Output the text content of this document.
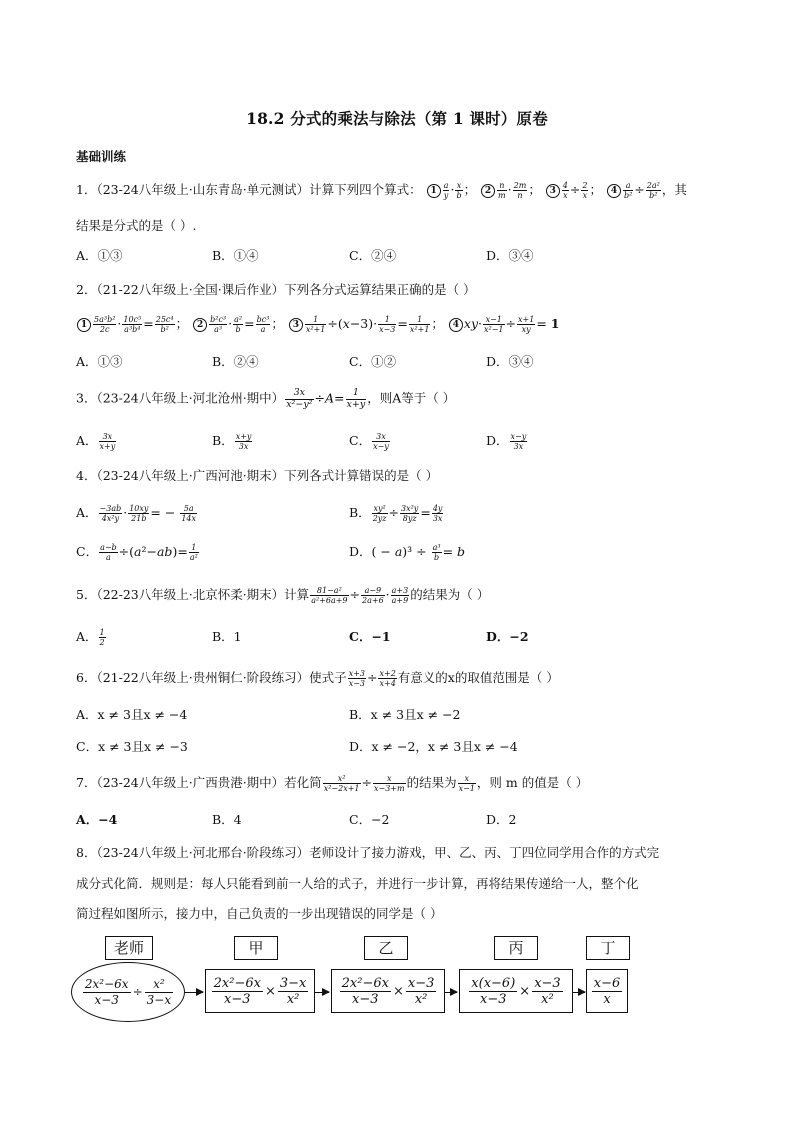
18.2 分式的乘法与除法（第 1 课时）原卷
基础训练
1．（23-24八年级上·山东青岛·单元测试）计算下列四个算式： $1 \frac{a}{y} \cdot \frac{x}{b}$ ； $2 \frac{n}{m} \cdot \frac{2m}{n}$ ； $3 \frac{4}{x} \div \frac{2}{x}$ ； $4 \frac{a}{\text{b²}} \div \frac{\text{2a²}}{\text{b²}}$ ，其
结果是分式的是（ ）.
A．①③	B．①④	C．②④	D．③④
2．（21-22八年级上·全国·课后作业）下列各分式运算结果正确的是（ ）
$1 \frac{\text{5a³b²}}{2c} \cdot \frac{\text{10c⁵}}{\text{a³b⁴}} = \frac{\text{25c⁴}}{\text{b²}}$ ； $2 \frac{\text{b²c³}}{\text{a³}} \cdot \frac{\text{a²}}{b} = \frac{\text{bc³}}{a}$ ； $3 \frac{1}{\text{x²+1}} \div(x-3)\cdot \frac{1}{x-3} = \frac{1}{\text{x²+1}}$ ； 4 $xy\cdot \frac{x-1}{\text{x²−1}} \div \frac{x+1}{xy} = 1$
A．①③	B．②④	C．①②	D．③④
3．（23-24八年级上·河北沧州·期中） $\frac{3x}{\text{x²−y²}} \div A= \frac{1}{x+y}$ ，则A等于（ ）
A． $\frac{3x}{x+y}$	B． $\frac{x+y}{3x}$	C． $\frac{3x}{x-y}$	D． $\frac{x-y}{3x}$
4．（23-24八年级上·广西河池·期末）下列各式计算错误的是（ ）
A． $\frac{-3ab}{\text{4x²y}} \cdot \frac{10xy}{21b}$ = − $\frac{5a}{14x}$	B． $\frac{\text{xy²}}{2yz} \div \frac{\text{3x²y}}{8yz} = \frac{4y}{3x}$
C． $\frac{a-b}{a} \div(a^2-ab)= \frac{1}{\text{a²}}$	D．( − $a)^3 \div \frac{\text{a³}}{b} = b$
5．（22-23八年级上·北京怀柔·期末）计算 $\frac{\text{81−a²}}{\text{a²+6a+9}} \div \frac{a-9}{2a+6} \cdot \frac{a+3}{a+9}$ 的结果为（ ）
A． $\frac{1}{2}$	B．1	C．−1	D．−2
6．（21-22八年级上·贵州铜仁·阶段练习）使式子 $\frac{x+3}{x-3} \div \frac{x+2}{x+4}$ 有意义的x的取值范围是（ ）
A．x ≠ 3且x ≠ −4	B．x ≠ 3且x ≠ −2
C．x ≠ 3且x ≠ −3	D．x ≠ −2，x ≠ 3且x ≠ −4
7．（23-24八年级上·广西贵港·期中）若化简 $\frac{\text{x²}}{\text{x²−2x+1}} \div \frac{x}{x-3+m}$ 的结果为 $\frac{x}{x-1}$ ，则 m 的值是（ ）
A．−4	B．4	C．−2	D．2
8．（23-24八年级上·河北邢台·阶段练习）老师设计了接力游戏，甲、乙、丙、丁四位同学用合作的方式完
成分式化简．规则是：每人只能看到前一人给的式子，并进行一步计算，再将结果传递给一人，整个化
简过程如图所示，接力中，自己负责的一步出现错误的同学是（ ）
老师	甲	乙	丙	丁
$\frac{\text{2x²−6x}}{x-3} \div \frac{\text{x²}}{3-x}$	2x²−6x
x−3
×
3−x
x²
2x²−6x
x−3
×
x−3
x²
x(x−6)
x−3
×
x−3
x²
x−6
x
